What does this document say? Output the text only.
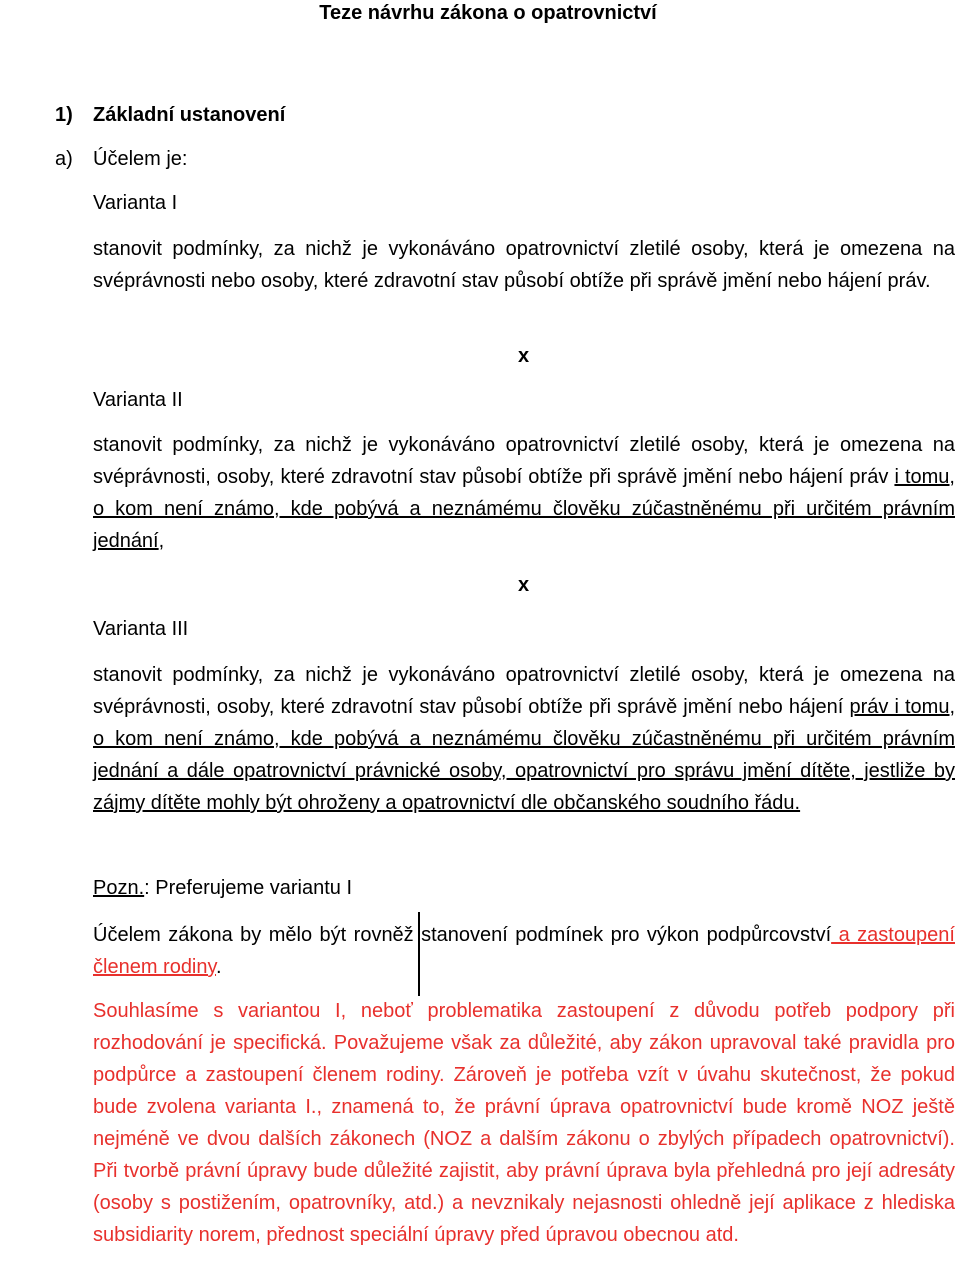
Teze návrhu zákona o opatrovnictví
1) Základní ustanovení
a) Účelem je:
Varianta I

stanovit podmínky, za nichž je vykonáváno opatrovnictví zletilé osoby, která je omezena na svéprávnosti nebo osoby, které zdravotní stav působí obtíže při správě jmění nebo hájení práv.

x
Varianta II

stanovit podmínky, za nichž je vykonáváno opatrovnictví zletilé osoby, která je omezena na svéprávnosti, osoby, které zdravotní stav působí obtíže při správě jmění nebo hájení práv i tomu, o kom není známo, kde pobývá a neznámému člověku zúčastněnému při určitém právním jednání,

x
Varianta III

stanovit podmínky, za nichž je vykonáváno opatrovnictví zletilé osoby, která je omezena na svéprávnosti, osoby, které zdravotní stav působí obtíže při správě jmění nebo hájení práv i tomu, o kom není známo, kde pobývá a neznámému člověku zúčastněnému při určitém právním jednání a dále opatrovnictví právnické osoby, opatrovnictví pro správu jmění dítěte, jestliže by zájmy dítěte mohly být ohroženy a opatrovnictví dle občanského soudního řádu.

Pozn.: Preferujeme variantu I

Účelem zákona by mělo být rovněž stanovení podmínek pro výkon podpůrcovství a zastoupení členem rodiny.

Souhlasíme s variantou I, neboť problematika zastoupení z důvodu potřeb podpory při rozhodování je specifická. Považujeme však za důležité, aby zákon upravoval také pravidla pro podpůrce a zastoupení členem rodiny. Zároveň je potřeba vzít v úvahu skutečnost, že pokud bude zvolena varianta I., znamená to, že právní úprava opatrovnictví bude kromě NOZ ještě nejméně ve dvou dalších zákonech (NOZ a dalším zákonu o zbylých případech opatrovnictví). Při tvorbě právní úpravy bude důležité zajistit, aby právní úprava byla přehledná pro její adresáty (osoby s postižením, opatrovníky, atd.) a nevznikaly nejasnosti ohledně její aplikace z hlediska subsidiarity norem, přednost speciální úpravy před úpravou obecnou atd.
